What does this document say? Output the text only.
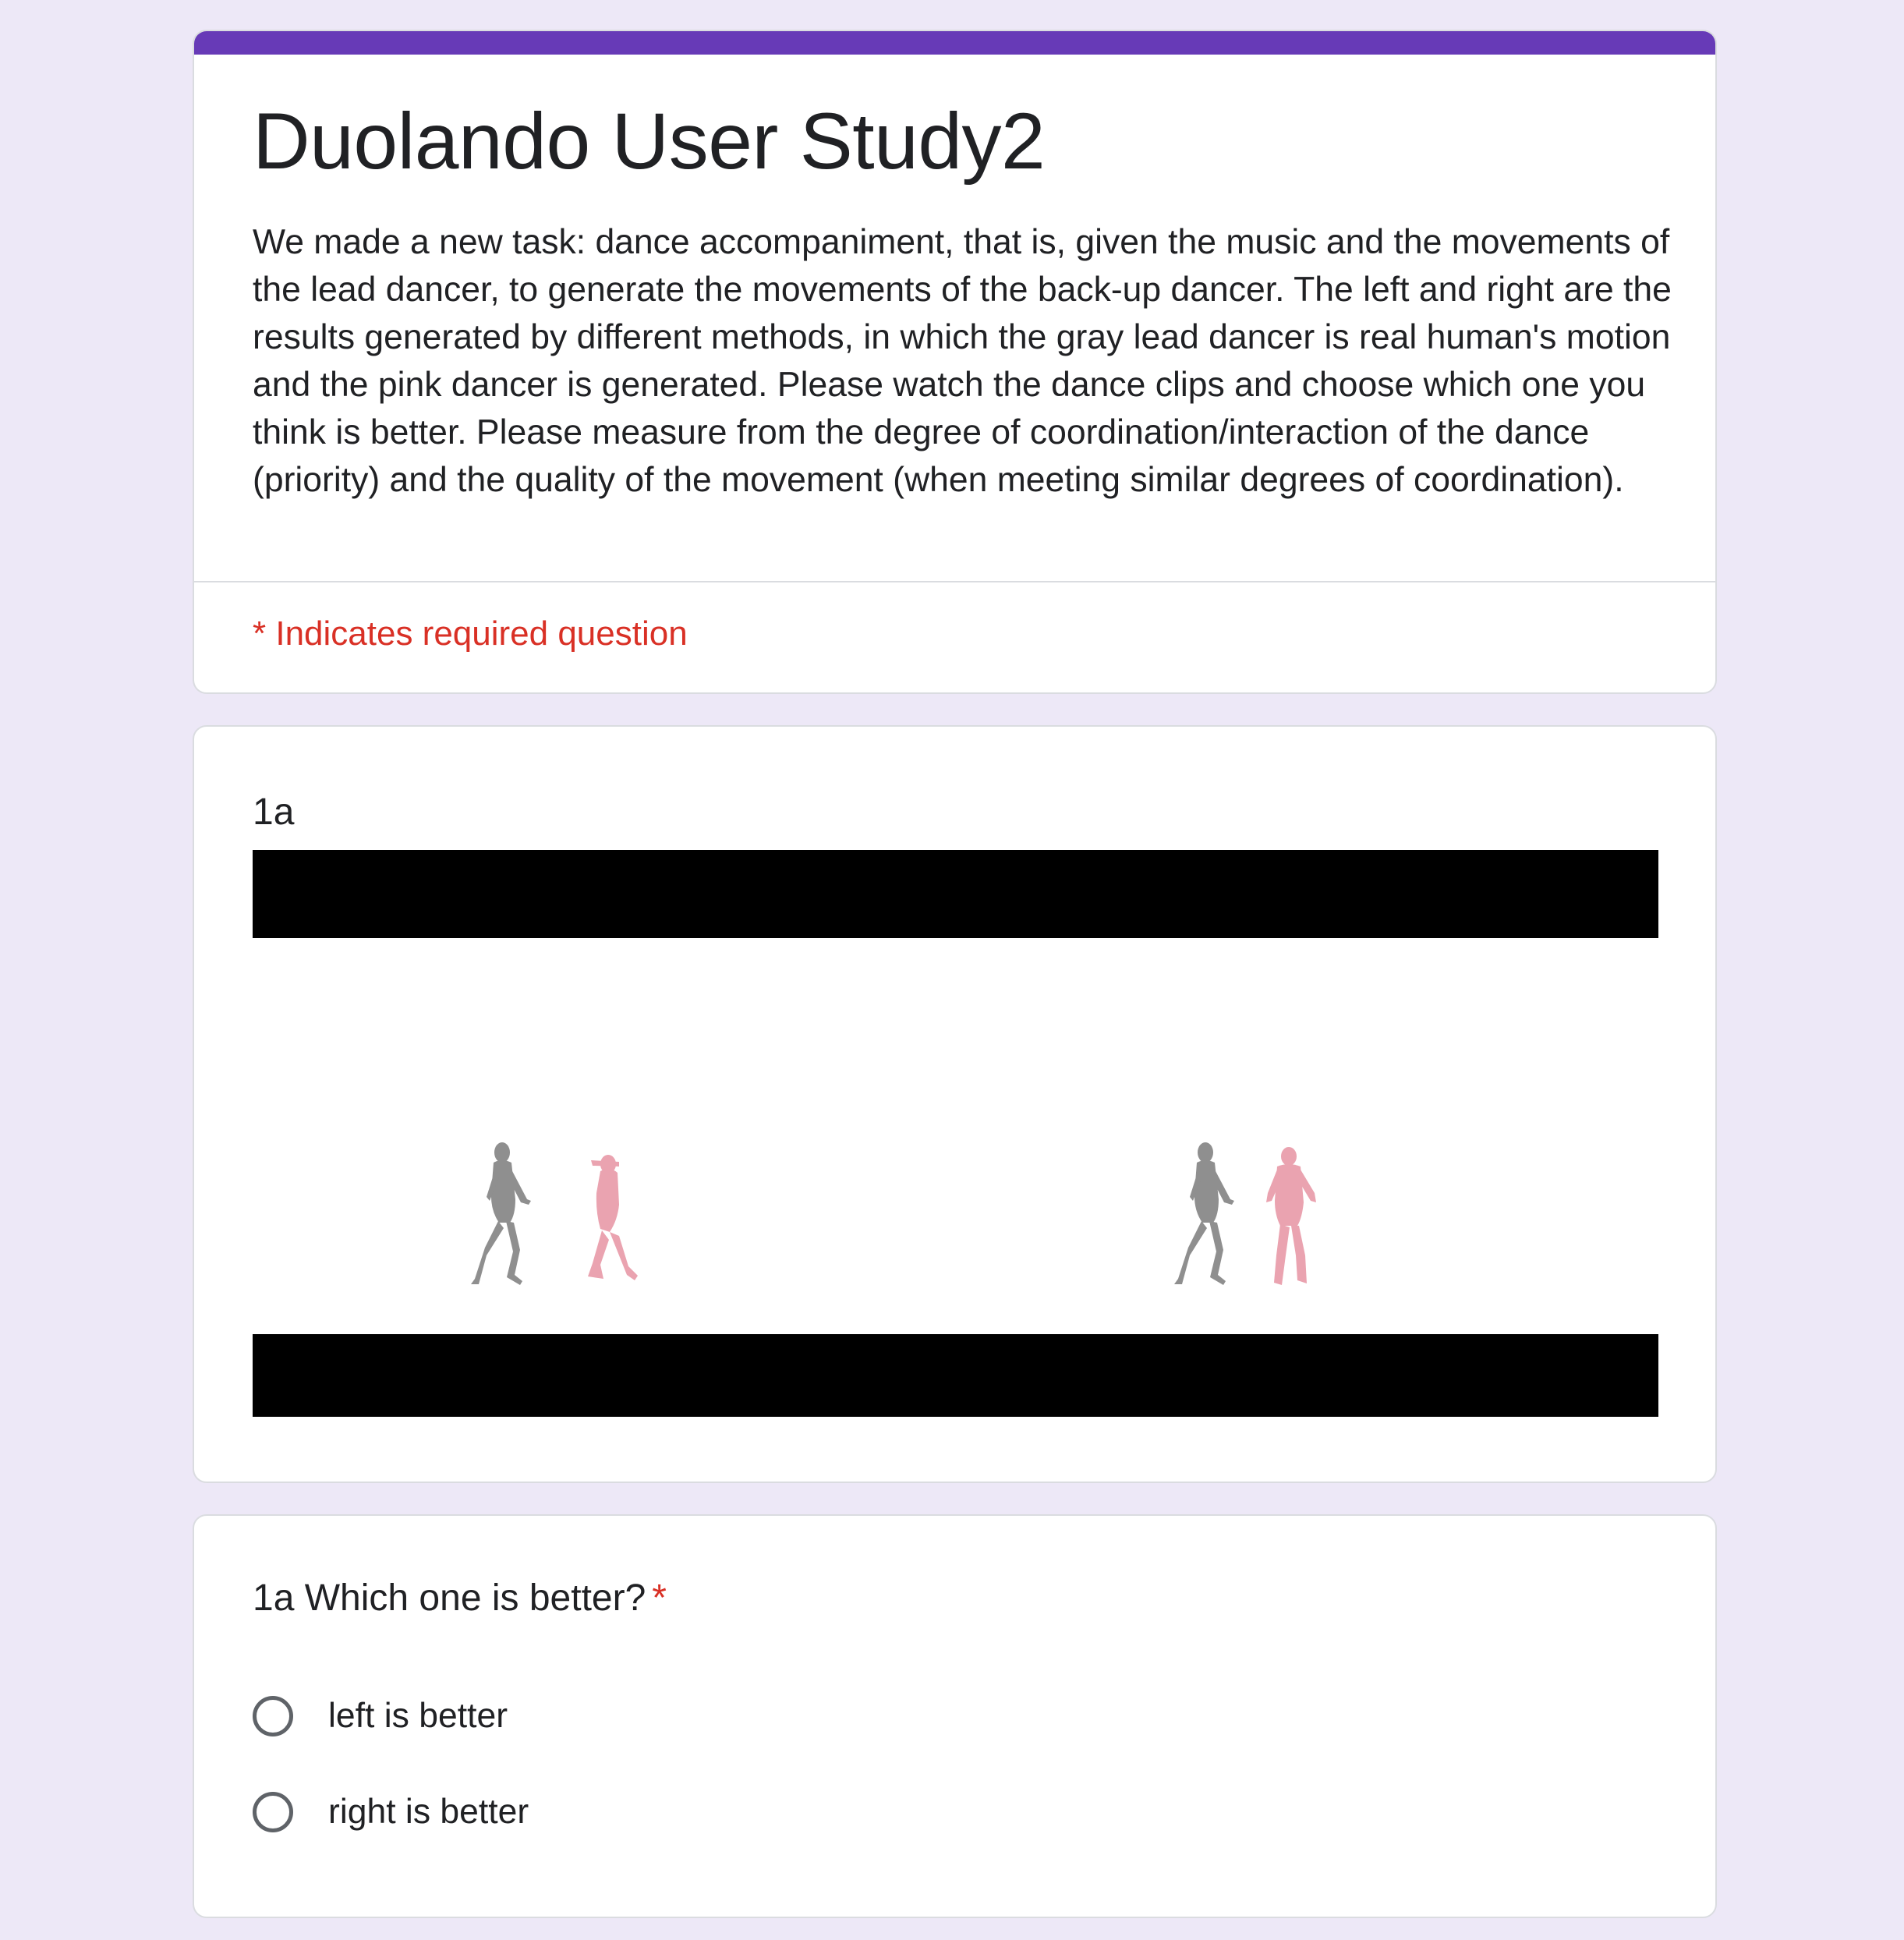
Duolando User Study2

We made a new task: dance accompaniment, that is, given the music and the movements of the lead dancer, to generate the movements of the back-up dancer. The left and right are the results generated by different methods, in which the gray lead dancer is real human's motion and the pink dancer is generated. Please watch the dance clips and choose which one you think is better. Please measure from the degree of coordination/interaction of the dance (priority) and the quality of the movement (when meeting similar degrees of coordination).

* Indicates required question
1a
1a Which one is better? *
left is better
right is better
